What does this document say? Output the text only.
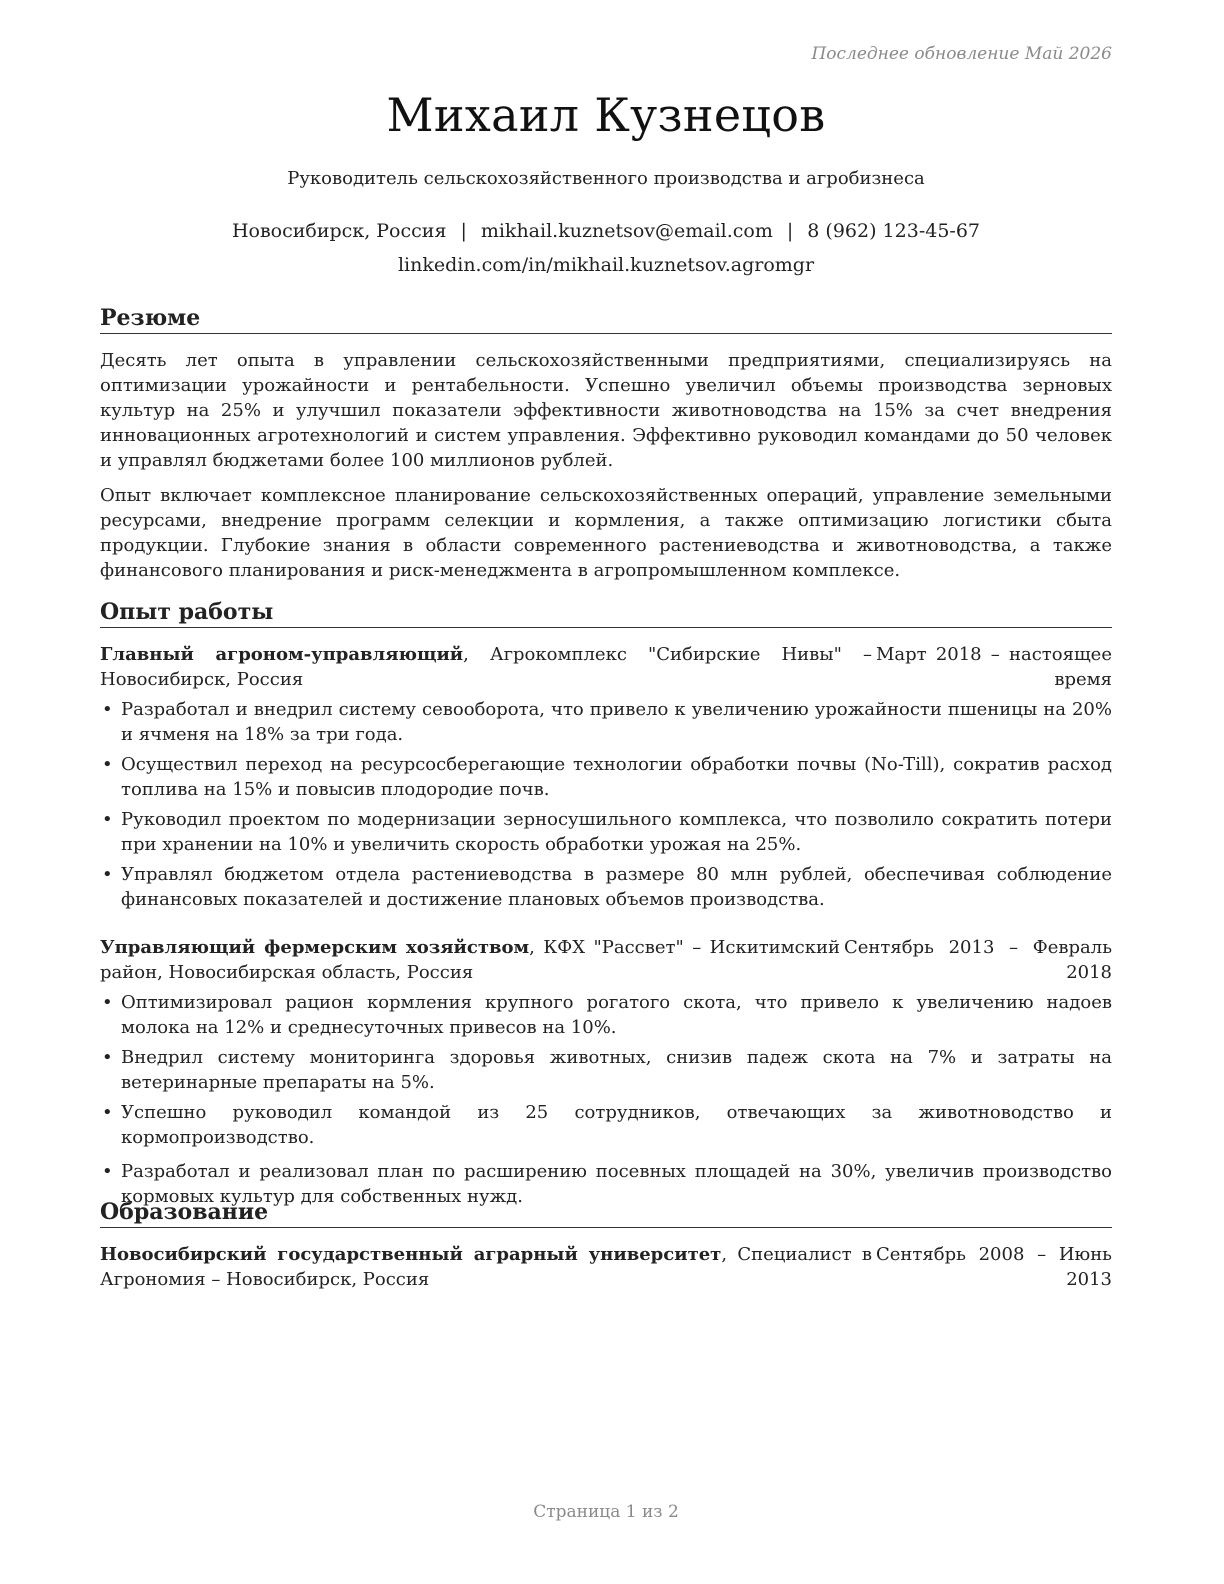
Последнее обновление Май 2026
Михаил Кузнецов
Руководитель сельскохозяйственного производства и агробизнеса
Новосибирск, Россия | mikhail.kuznetsov@email.com | 8 (962) 123-45-67
linkedin.com/in/mikhail.kuznetsov.agromgr
Резюме

Десять лет опыта в управлении сельскохозяйственными предприятиями, специализируясь на оптимизации урожайности и рентабельности. Успешно увеличил объемы производства зерновых культур на 25% и улучшил показатели эффективности животноводства на 15% за счет внедрения инновационных агротехнологий и систем управления. Эффективно руководил командами до 50 человек и управлял бюджетами более 100 миллионов рублей.

Опыт включает комплексное планирование сельскохозяйственных операций, управление земельными ресурсами, внедрение программ селекции и кормления, а также оптимизацию логистики сбыта продукции. Глубокие знания в области современного растениеводства и животноводства, а также финансового планирования и риск-менеджмента в агропромышленном комплексе.

Опыт работы
Главный агроном-управляющий, Агрокомплекс "Сибирские Нивы" – Новосибирск, Россия
Март 2018 – настоящее время
• Разработал и внедрил систему севооборота, что привело к увеличению урожайности пшеницы на 20% и ячменя на 18% за три года.
• Осуществил переход на ресурсосберегающие технологии обработки почвы (No-Till), сократив расход топлива на 15% и повысив плодородие почв.
• Руководил проектом по модернизации зерносушильного комплекса, что позволило сократить потери при хранении на 10% и увеличить скорость обработки урожая на 25%.
• Управлял бюджетом отдела растениеводства в размере 80 млн рублей, обеспечивая соблюдение финансовых показателей и достижение плановых объемов производства.
Управляющий фермерским хозяйством, КФХ "Рассвет" – Искитимский район, Новосибирская область, Россия
Сентябрь 2013 – Февраль 2018
• Оптимизировал рацион кормления крупного рогатого скота, что привело к увеличению надоев молока на 12% и среднесуточных привесов на 10%.
• Внедрил систему мониторинга здоровья животных, снизив падеж скота на 7% и затраты на ветеринарные препараты на 5%.
• Успешно руководил командой из 25 сотрудников, отвечающих за животноводство и кормопроизводство.
• Разработал и реализовал план по расширению посевных площадей на 30%, увеличив производство кормовых культур для собственных нужд.
Образование
Новосибирский государственный аграрный университет, Специалист в Агрономия – Новосибирск, Россия
Сентябрь 2008 – Июнь 2013
Страница 1 из 2
